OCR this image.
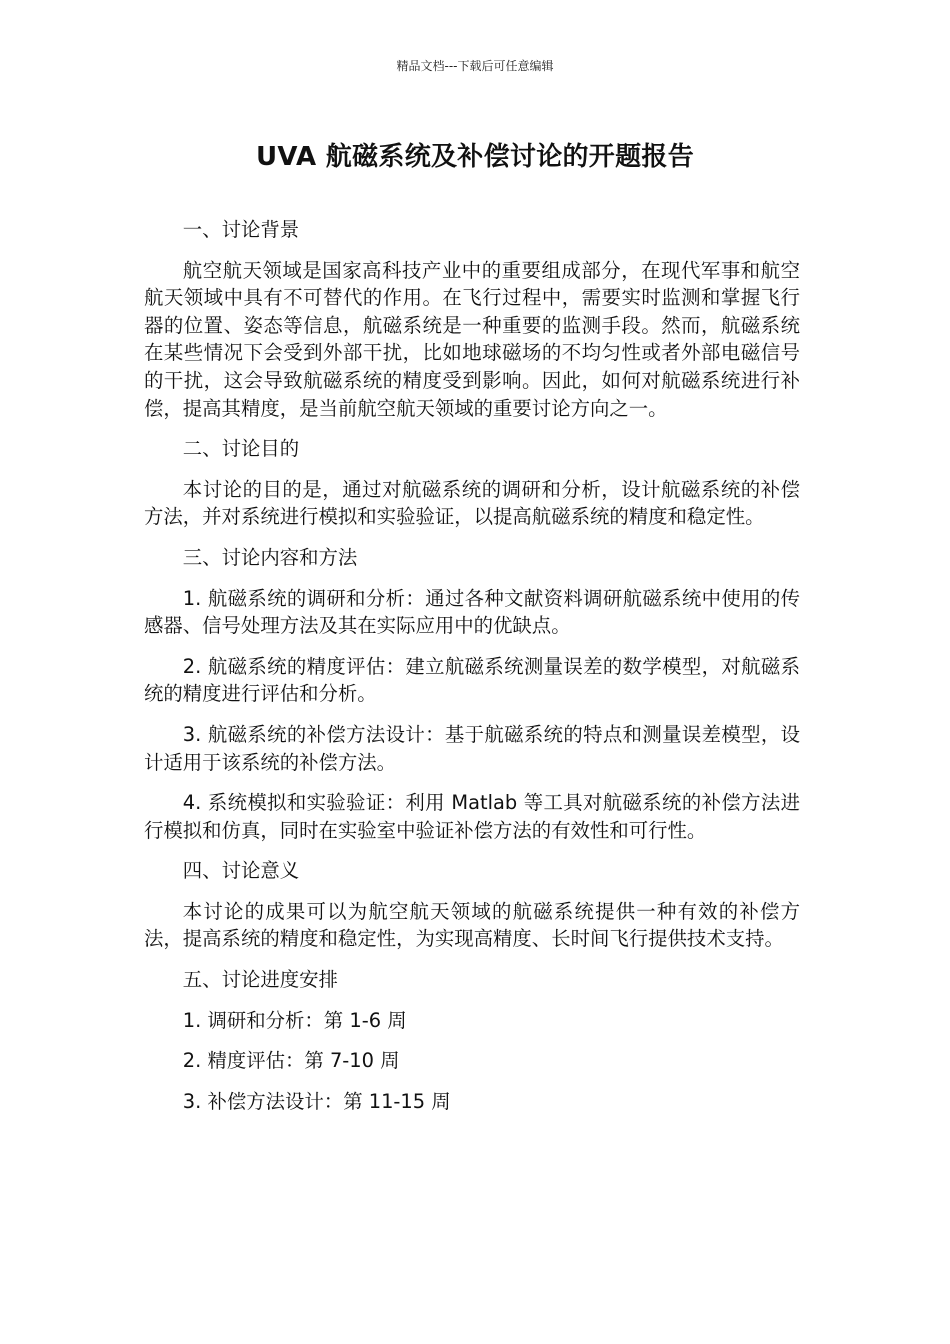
精品文档---下载后可任意编辑
UVA 航磁系统及补偿讨论的开题报告
一、讨论背景
航空航天领域是国家高科技产业中的重要组成部分，在现代军事和航空航天领域中具有不可替代的作用。在飞行过程中，需要实时监测和掌握飞行器的位置、姿态等信息，航磁系统是一种重要的监测手段。然而，航磁系统在某些情况下会受到外部干扰，比如地球磁场的不均匀性或者外部电磁信号的干扰，这会导致航磁系统的精度受到影响。因此，如何对航磁系统进行补偿，提高其精度，是当前航空航天领域的重要讨论方向之一。
二、讨论目的
本讨论的目的是，通过对航磁系统的调研和分析，设计航磁系统的补偿方法，并对系统进行模拟和实验验证，以提高航磁系统的精度和稳定性。
三、讨论内容和方法
1. 航磁系统的调研和分析：通过各种文献资料调研航磁系统中使用的传感器、信号处理方法及其在实际应用中的优缺点。
2. 航磁系统的精度评估：建立航磁系统测量误差的数学模型，对航磁系统的精度进行评估和分析。
3. 航磁系统的补偿方法设计：基于航磁系统的特点和测量误差模型，设计适用于该系统的补偿方法。
4. 系统模拟和实验验证：利用 Matlab 等工具对航磁系统的补偿方法进行模拟和仿真，同时在实验室中验证补偿方法的有效性和可行性。
四、讨论意义
本讨论的成果可以为航空航天领域的航磁系统提供一种有效的补偿方法，提高系统的精度和稳定性，为实现高精度、长时间飞行提供技术支持。
五、讨论进度安排
1. 调研和分析：第 1-6 周
2. 精度评估：第 7-10 周
3. 补偿方法设计：第 11-15 周
